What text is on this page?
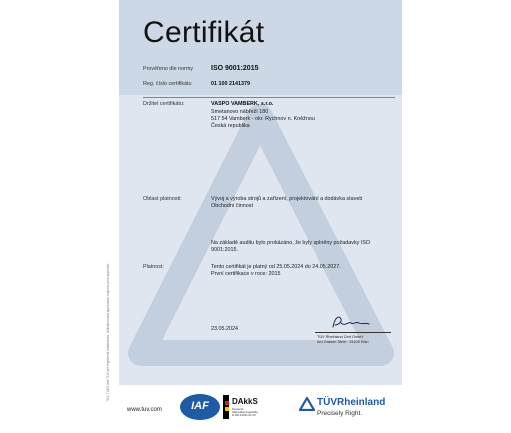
Certifikát
Prověřeno dle normy	ISO 9001:2015
Reg. číslo certifikátu	01 100 2141379
Držitel certifikátu:	VASPO VAMBERK, s.r.o.
Smetanovo nábřeží 180
517 54 Vamberk - okr. Rychnov n. Kněžnou
Česká republika
Oblast platnosti:	Vývoj a výroba strojů a zařízení, projektování a dodávka staveb
Obchodní činnost
Na základě auditu bylo prokázáno, že byly splněny požadavky ISO
9001:2015.
Platnost:	Tento certifikát je platný od 25.05.2024 do 24.05.2027.
První certifikace v roce: 2015
23.05.2024
TÜV Rheinland Cert GmbH
Am Grauen Stein · 51105 Köln
www.tuv.com	IAF	DAkkS
Deutsche
Akkreditierungsstelle
D-ZM-14031-01-00
TÜVRheinland
Precisely Right.
TÜV, TUEV and TUV are registered trademarks. Utilisation and application requires prior approval.
